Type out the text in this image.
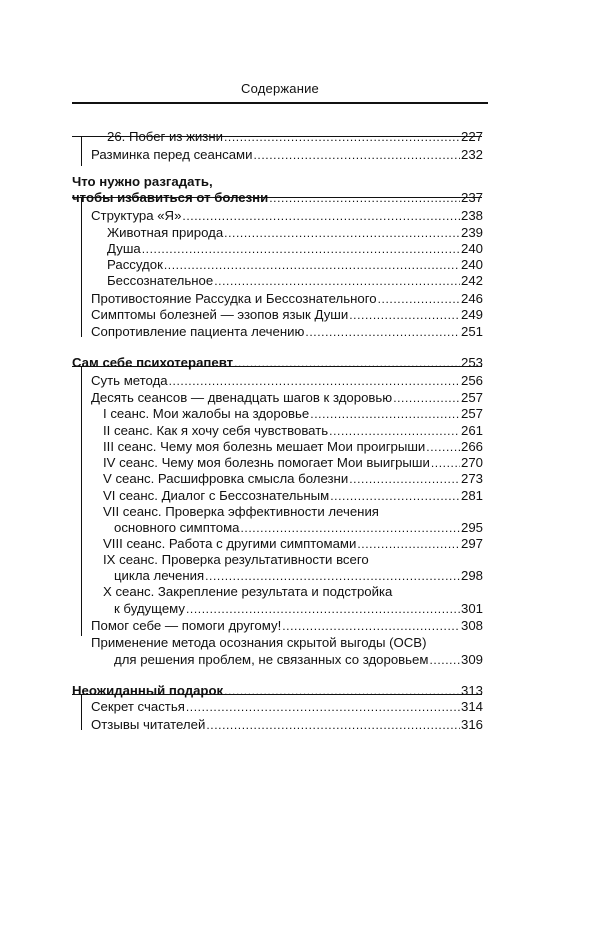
Содержание
26. Побег из жизни .....	227
Разминка перед сеансами .....	232
Что нужно разгадать,
чтобы избавиться от болезни .....	237
Структура «Я» .....	238
Животная природа .....	239
Душа .....	240
Рассудок .....	240
Бессознательное .....	242
Противостояние Рассудка и Бессознательного .....	246
Симптомы болезней — эзопов язык Души .....	249
Сопротивление пациента лечению .....	251
Сам себе психотерапевт .....	253
Суть метода .....	256
Десять сеансов — двенадцать шагов к здоровью .....	257
I сеанс. Мои жалобы на здоровье .....	257
II сеанс. Как я хочу себя чувствовать .....	261
III сеанс. Чему моя болезнь мешает Мои проигрыши .....	266
IV сеанс. Чему моя болезнь помогает Мои выигрыши ..... 270
V сеанс. Расшифровка смысла болезни .....	273
VI сеанс. Диалог с Бессознательным .....	281
VII сеанс. Проверка эффективности лечения
основного симптома .....	295
VIII сеанс. Работа с другими симптомами .....	297
IX сеанс. Проверка результативности всего
цикла лечения .....	298
X сеанс. Закрепление результата и подстройка
к будущему .....	301
Помог себе — помоги другому! .....	308
Применение метода осознания скрытой выгоды (ОСВ)
для решения проблем, не связанных со здоровьем ..... 309
Неожиданный подарок .....	313
Секрет счастья .....	314
Отзывы читателей .....	316
